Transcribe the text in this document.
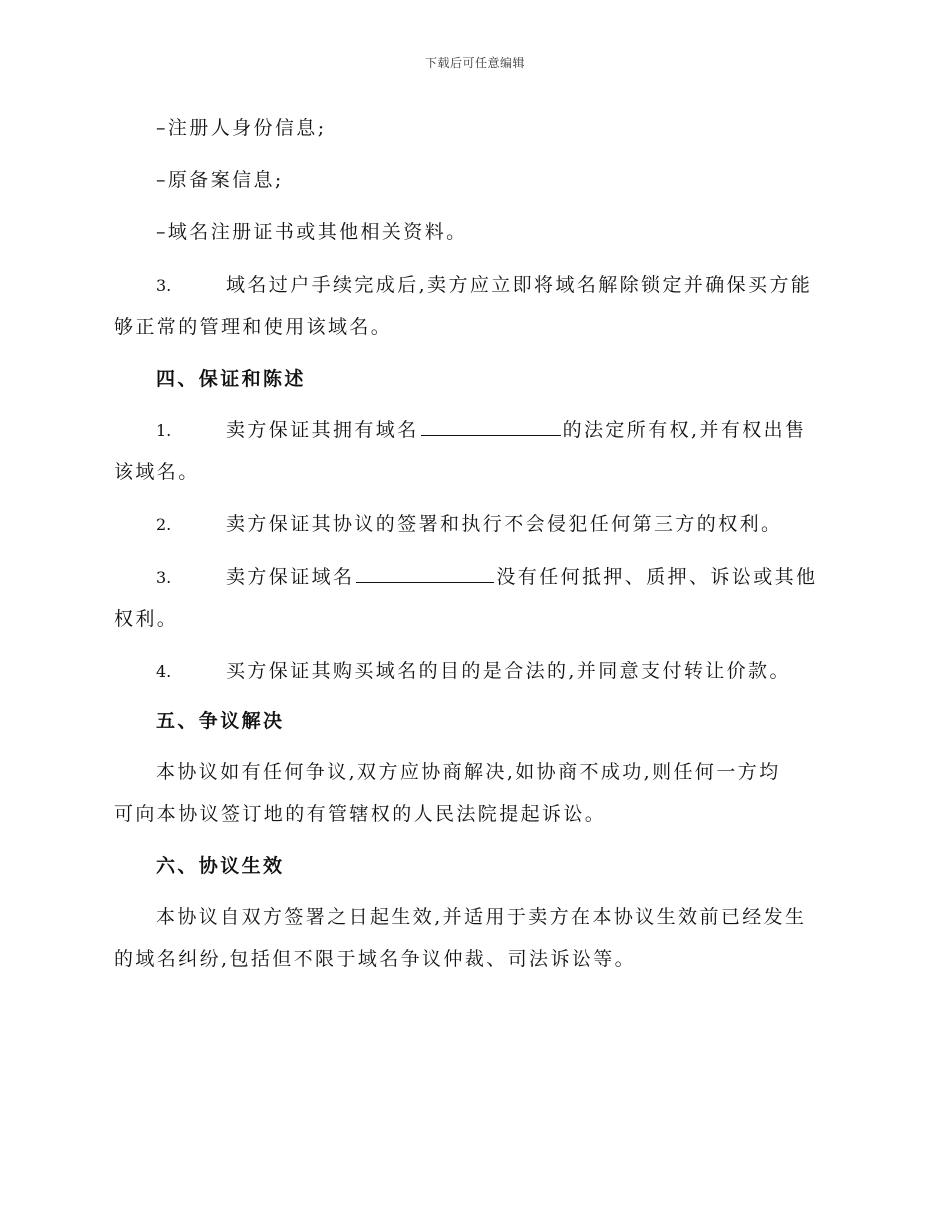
下载后可任意编辑
–注册人身份信息;
–原备案信息;
–域名注册证书或其他相关资料。
3.	域名过户手续完成后,卖方应立即将域名解除锁定并确保买方能
够正常的管理和使用该域名。
四、保证和陈述
1.	卖方保证其拥有域名	的法定所有权,并有权出售
该域名。
2.	卖方保证其协议的签署和执行不会侵犯任何第三方的权利。
3.	卖方保证域名	没有任何抵押、质押、诉讼或其他
权利。
4.	买方保证其购买域名的目的是合法的,并同意支付转让价款。
五、争议解决
本协议如有任何争议,双方应协商解决,如协商不成功,则任何一方均
可向本协议签订地的有管辖权的人民法院提起诉讼。
六、协议生效
本协议自双方签署之日起生效,并适用于卖方在本协议生效前已经发生
的域名纠纷,包括但不限于域名争议仲裁、司法诉讼等。
